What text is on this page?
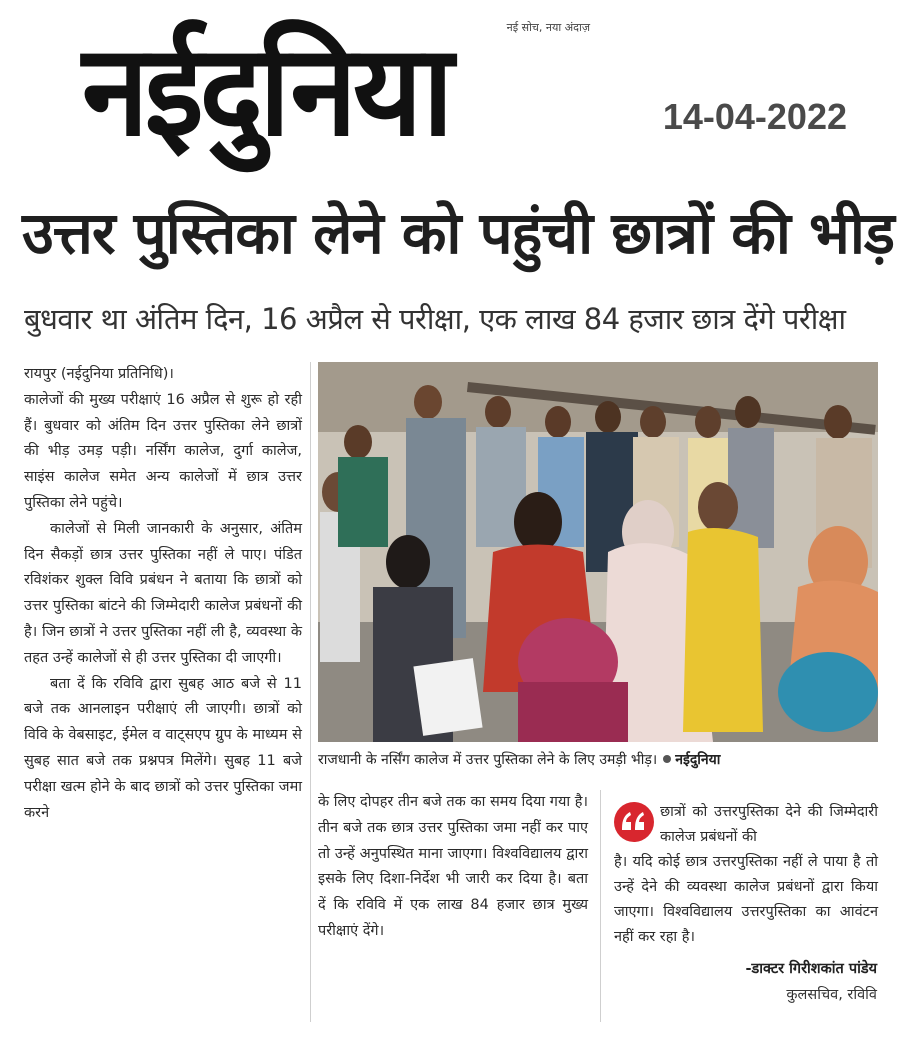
नई सोच, नया अंदाज़
नईदुनिया	14-04-2022
उत्तर पुस्तिका लेने को पहुंची छात्रों की भीड़
बुधवार था अंतिम दिन, 16 अप्रैल से परीक्षा, एक लाख 84 हजार छात्र देंगे परीक्षा

रायपुर (नईदुनिया प्रतिनिधि)।

कालेजों की मुख्य परीक्षाएं 16 अप्रैल से शुरू हो रही हैं। बुधवार को अंतिम दिन उत्तर पुस्तिका लेने छात्रों की भीड़ उमड़ पड़ी। नर्सिंग कालेज, दुर्गा कालेज, साइंस कालेज समेत अन्य कालेजों में छात्र उत्तर पुस्तिका लेने पहुंचे।

कालेजों से मिली जानकारी के अनुसार, अंतिम दिन सैकड़ों छात्र उत्तर पुस्तिका नहीं ले पाए। पंडित रविशंकर शुक्ल विवि प्रबंधन ने बताया कि छात्रों को उत्तर पुस्तिका बांटने की जिम्मेदारी कालेज प्रबंधनों की है। जिन छात्रों ने उत्तर पुस्तिका नहीं ली है, व्यवस्था के तहत उन्हें कालेजों से ही उत्तर पुस्तिका दी जाएगी।

बता दें कि रविवि द्वारा सुबह आठ बजे से 11 बजे तक आनलाइन परीक्षाएं ली जाएगी। छात्रों को विवि के वेबसाइट, ईमेल व वाट्सएप ग्रुप के माध्यम से सुबह सात बजे तक प्रश्नपत्र मिलेंगे। सुबह 11 बजे परीक्षा खत्म होने के बाद छात्रों को उत्तर पुस्तिका जमा करने

राजधानी के नर्सिंग कालेज में उत्तर पुस्तिका लेने के लिए उमड़ी भीड़। नईदुनिया
के लिए दोपहर तीन बजे तक का समय दिया गया है। तीन बजे तक छात्र उत्तर पुस्तिका जमा नहीं कर पाए तो उन्हें अनुपस्थित माना जाएगा। विश्वविद्यालय द्वारा इसके लिए दिशा-निर्देश भी जारी कर दिया है। बता दें कि रविवि में एक लाख 84 हजार छात्र मुख्य परीक्षाएं देंगे।
छात्रों को उत्तरपुस्तिका देने की जिम्मेदारी कालेज प्रबंधनों की
है। यदि कोई छात्र उत्तरपुस्तिका नहीं ले पाया है तो उन्हें देने की व्यवस्था कालेज प्रबंधनों द्वारा किया जाएगा। विश्वविद्यालय उत्तरपुस्तिका का आवंटन नहीं कर रहा है।
-डाक्टर गिरीशकांत पांडेय
कुलसचिव, रविवि
